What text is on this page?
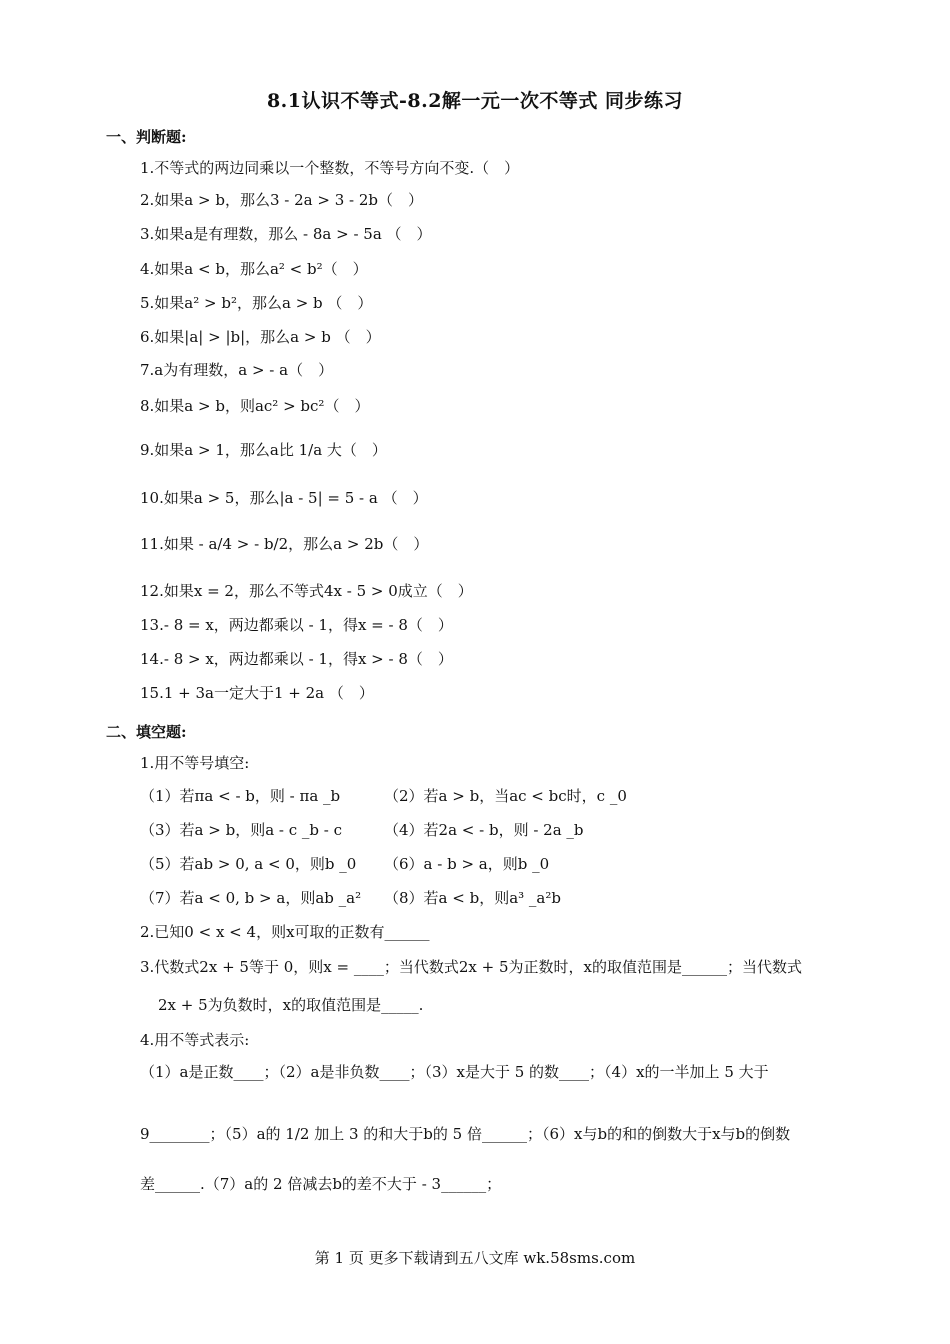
8.1认识不等式-8.2解一元一次不等式 同步练习
一、判断题:
1.不等式的两边同乘以一个整数，不等号方向不变.（　）
2.如果a > b，那么3 - 2a > 3 - 2b（　）
3.如果a是有理数，那么 - 8a > - 5a （　）
4.如果a < b，那么a² < b²（　）
5.如果a² > b²，那么a > b （　）
6.如果|a| > |b|，那么a > b （　）
7.a为有理数，a > - a（　）
8.如果a > b，则ac² > bc²（　）
9.如果a > 1，那么a比 1/a 大（　）
10.如果a > 5，那么|a - 5| = 5 - a （　）
11.如果 - a/4 > - b/2，那么a > 2b（　）
12.如果x = 2，那么不等式4x - 5 > 0成立（　）
13.- 8 = x，两边都乘以 - 1，得x = - 8（　）
14.- 8 > x，两边都乘以 - 1，得x > - 8（　）
15.1 + 3a一定大于1 + 2a （　）
二、填空题:
1.用不等号填空:
（1）若πa < - b，则 - πa _b	（2）若a > b，当ac < bc时，c _0
（3）若a > b，则a - c _b - c	（4）若2a < - b，则 - 2a _b
（5）若ab > 0, a < 0，则b _0 （6）a - b > a，则b _0
（7）若a < 0, b > a，则ab _a² （8）若a < b，则a³ _a²b
2.已知0 < x < 4，则x可取的正数有______
3.代数式2x + 5等于 0，则x = ____；当代数式2x + 5为正数时，x的取值范围是______；当代数式
2x + 5为负数时，x的取值范围是_____.
4.用不等式表示:
（1）a是正数____；（2）a是非负数____；（3）x是大于 5 的数____；（4）x的一半加上 5 大于
9________；（5）a的 1/2 加上 3 的和大于b的 5 倍______；（6）x与b的和的倒数大于x与b的倒数
差______.（7）a的 2 倍减去b的差不大于 - 3______；
第 1 页 更多下载请到五八文库 wk.58sms.com
